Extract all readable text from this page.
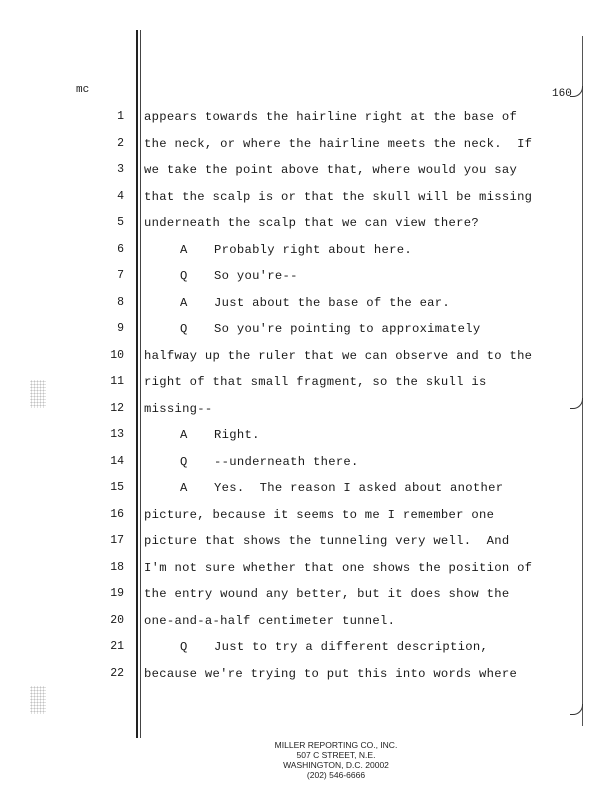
mc	160
1 appears towards the hairline right at the base of
2 the neck, or where the hairline meets the neck.  If
3 we take the point above that, where would you say
4 that the scalp is or that the skull will be missing
5 underneath the scalp that we can view there?
6	A Probably right about here.
7	Q So you're--
8	A Just about the base of the ear.
9	Q So you're pointing to approximately
10 halfway up the ruler that we can observe and to the
11 right of that small fragment, so the skull is
12 missing--
13	A Right.
14	Q --underneath there.
15	A Yes.  The reason I asked about another
16 picture, because it seems to me I remember one
17 picture that shows the tunneling very well.  And
18 I'm not sure whether that one shows the position of
19 the entry wound any better, but it does show the
20 one-and-a-half centimeter tunnel.
21	Q Just to try a different description,
22 because we're trying to put this into words where
MILLER REPORTING CO., INC.
507 C STREET, N.E.
WASHINGTON, D.C. 20002
(202) 546-6666
